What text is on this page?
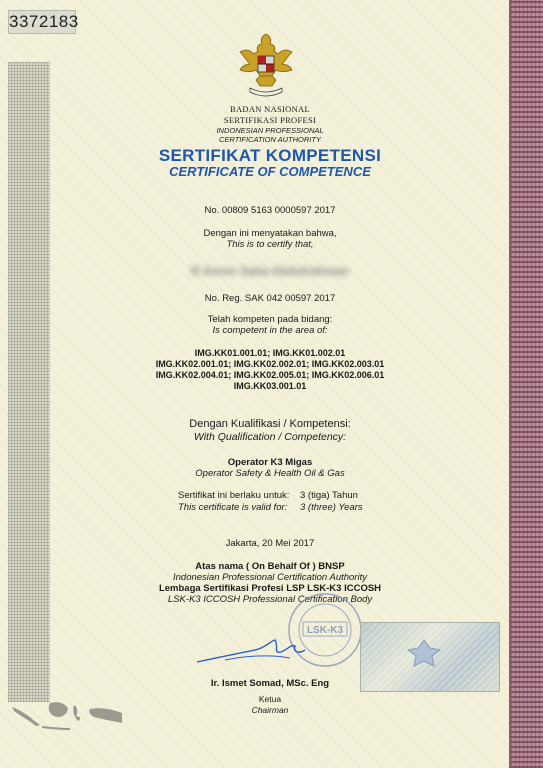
3372183
BADAN NASIONAL
SERTIFIKASI PROFESI
INDONESIAN PROFESSIONAL
CERTIFICATION AUTHORITY
SERTIFIKAT KOMPETENSI
CERTIFICATE OF COMPETENCE
No. 00809 5163 0000597 2017
Dengan ini menyatakan bahwa,
This is to certify that,
R Anom Satia Abdulrahman
No. Reg. SAK 042 00597 2017
Telah kompeten pada bidang:
Is competent in the area of:
IMG.KK01.001.01; IMG.KK01.002.01
IMG.KK02.001.01; IMG.KK02.002.01; IMG.KK02.003.01
IMG.KK02.004.01; IMG.KK02.005.01; IMG.KK02.006.01
IMG.KK03.001.01
Dengan Kualifikasi / Kompetensi:
With Qualification / Competency:
Operator K3 Migas
Operator Safety & Health Oil & Gas
Sertifikat ini berlaku untuk: 3 (tiga) Tahun
This certificate is valid for: 3 (three) Years
Jakarta, 20 Mei 2017
Atas nama ( On Behalf Of ) BNSP
Indonesian Professional Certification Authority
Lembaga Sertifikasi Profesi LSP LSK-K3 ICCOSH
LSK-K3 ICCOSH Professional Certification Body
LSK-K3
Ir. Ismet Somad, MSc. Eng
Ketua
Chairman
